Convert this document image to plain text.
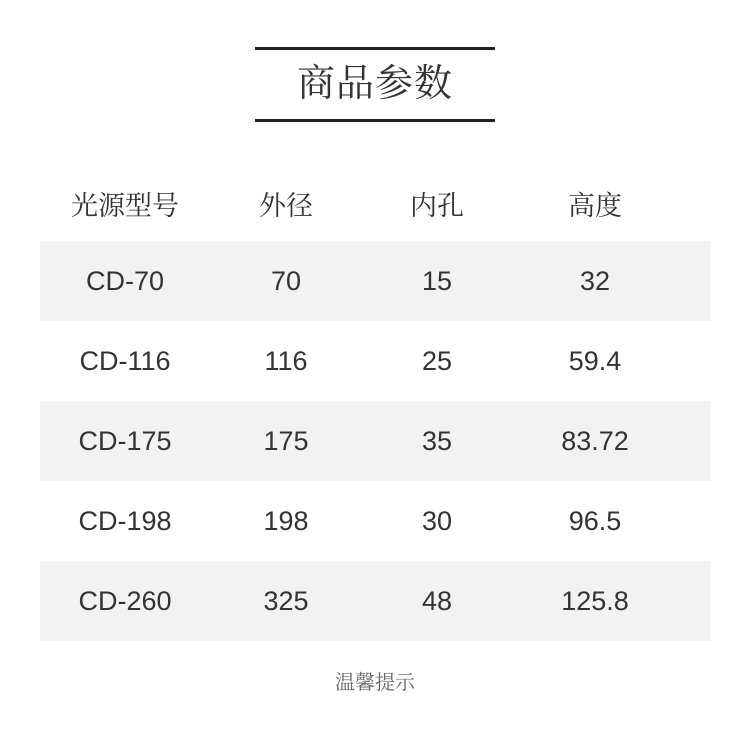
商品参数
光源型号	外径	内孔	高度
CD-70	70	15	32
CD-116	116	25	59.4
CD-175	175	35	83.72
CD-198	198	30	96.5
CD-260	325	48	125.8
温馨提示
